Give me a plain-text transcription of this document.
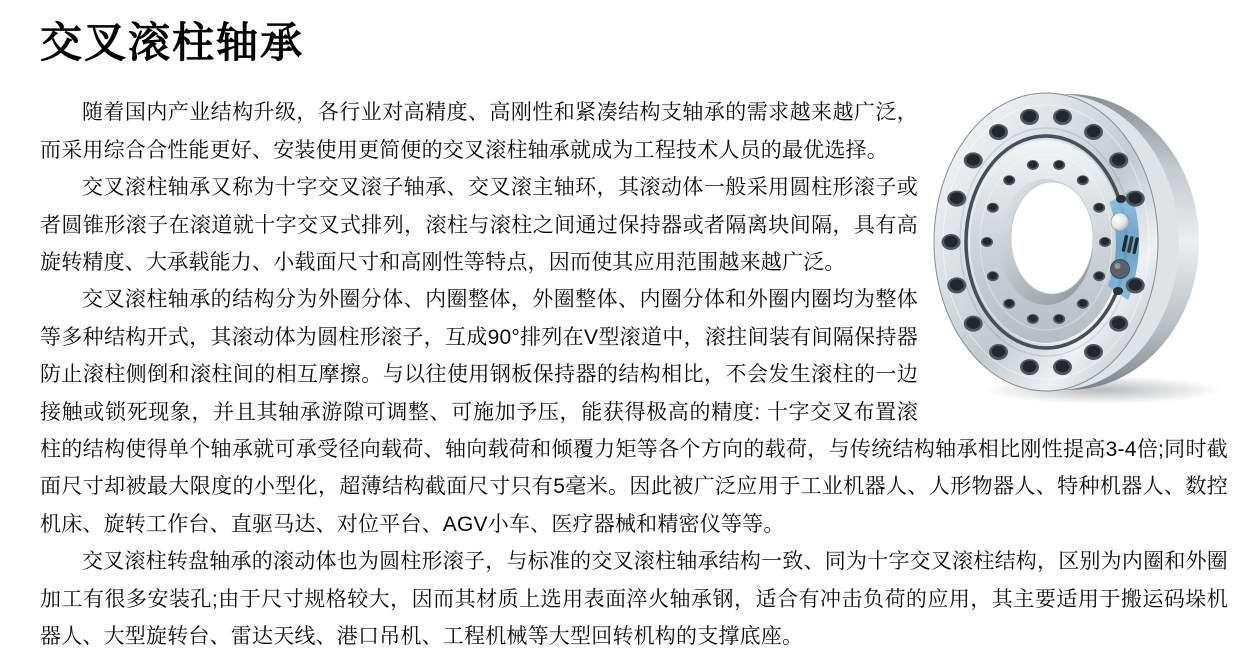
交叉滚柱轴承

随着国内产业结构升级，各行业对高精度、高刚性和紧凑结构支轴承的需求越来越广泛，而采用综合合性能更好、安装使用更简便的交叉滚柱轴承就成为工程技术人员的最优选择。

交叉滚柱轴承又称为十字交叉滚子轴承、交叉滚主轴环，其滚动体一般采用圆柱形滚子或者圆锥形滚子在滚道就十字交叉式排列，滚柱与滚柱之间通过保持器或者隔离块间隔，具有高旋转精度、大承载能力、小载面尺寸和高刚性等特点，因而使其应用范围越来越广泛。

交叉滚柱轴承的结构分为外圈分体、内圈整体，外圈整体、内圈分体和外圈内圈均为整体等多种结构开式，其滚动体为圆柱形滚子，互成90°排列在V型滚道中，滚拄间装有间隔保持器防止滚柱侧倒和滚柱间的相互摩擦。与以往使用钢板保持器的结构相比，不会发生滚柱的一边接触或锁死现象，并且其轴承游隙可调整、可施加予压，能获得极高的精度: 十字交叉布置滚柱的结构使得单个轴承就可承受径向载荷、轴向载荷和倾覆力矩等各个方向的载荷，与传统结构轴承相比刚性提高3-4倍;同时截面尺寸却被最大限度的小型化，超薄结构截面尺寸只有5毫米。因此被广泛应用于工业机器人、人形物器人、特种机器人、数控机床、旋转工作台、直驱马达、对位平台、AGV小车、医疗器械和精密仪等等。

交叉滚柱转盘轴承的滚动体也为圆柱形滚子，与标准的交叉滚柱轴承结构一致、同为十字交叉滚柱结构，区别为内圈和外圈加工有很多安装孔;由于尺寸规格较大，因而其材质上选用表面淬火轴承钢，适合有冲击负荷的应用，其主要适用于搬运码垛机器人、大型旋转台、雷达天线、港口吊机、工程机械等大型回转机构的支撑底座。
